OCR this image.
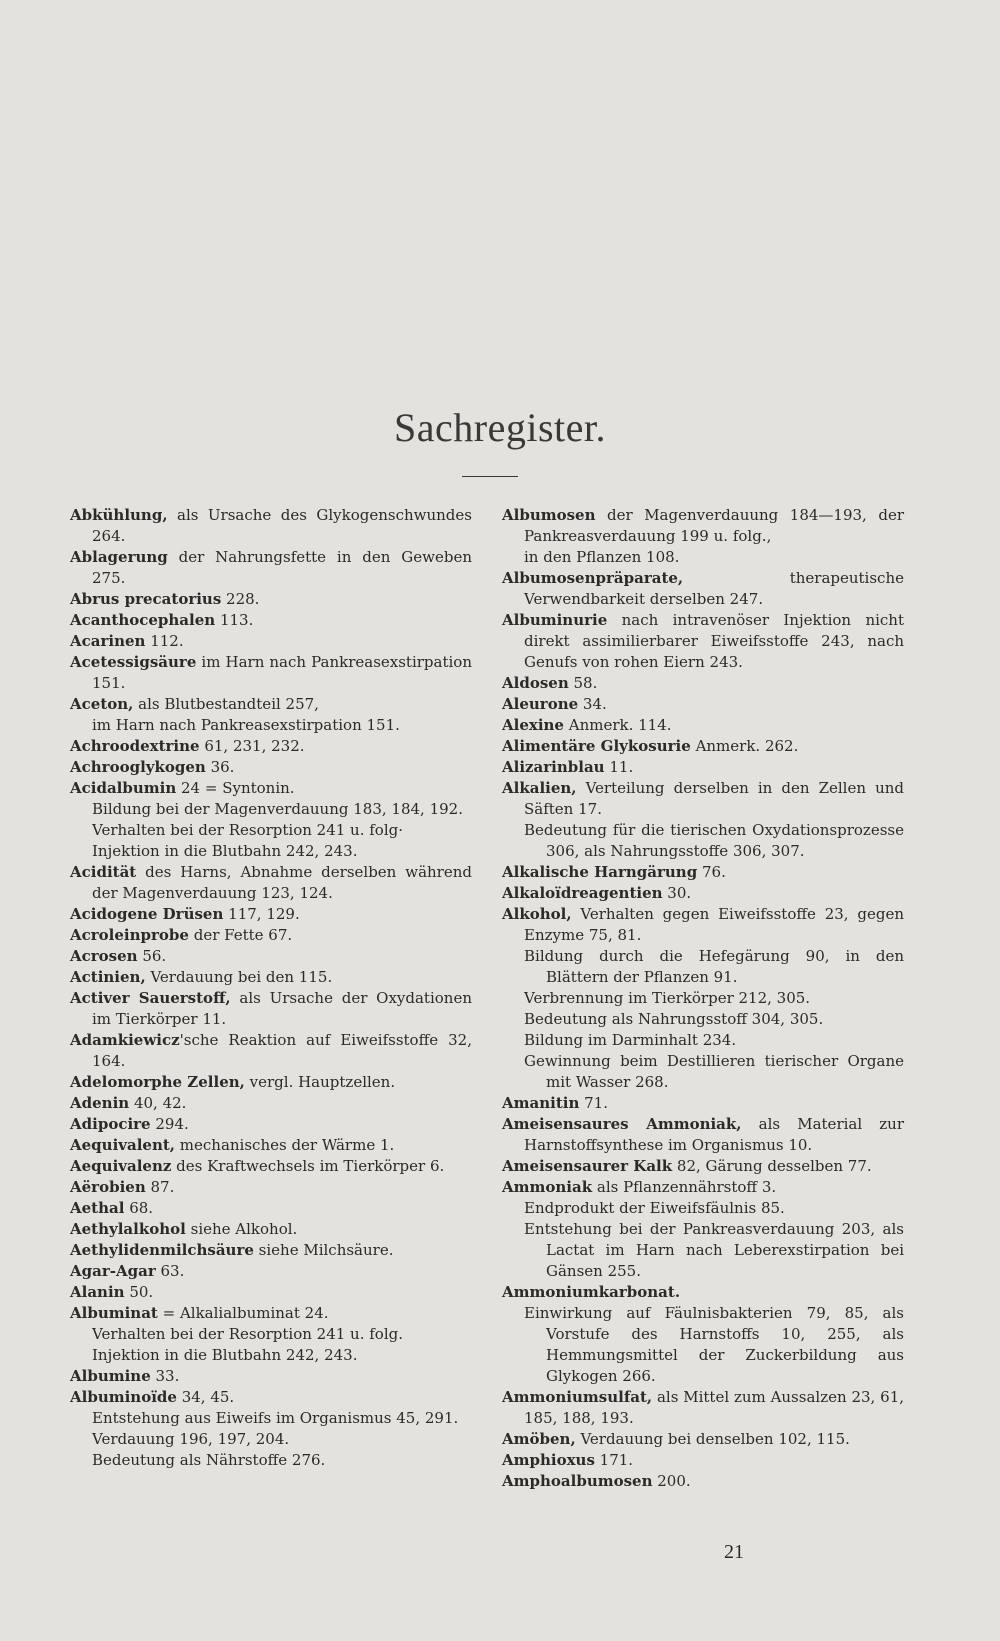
Sachregister.

Abkühlung, als Ursache des Glykogenschwundes 264.

Ablagerung der Nahrungsfette in den Geweben 275.

Abrus precatorius 228.

Acanthocephalen 113.

Acarinen 112.

Acetessigsäure im Harn nach Pankreasexstirpation 151.

Aceton, als Blutbestandteil 257,

im Harn nach Pankreasexstirpation 151.

Achroodextrine 61, 231, 232.

Achrooglykogen 36.

Acidalbumin 24 = Syntonin.

Bildung bei der Magenverdauung 183, 184, 192.

Verhalten bei der Resorption 241 u. folg·

Injektion in die Blutbahn 242, 243.

Acidität des Harns, Abnahme derselben während der Magenverdauung 123, 124.

Acidogene Drüsen 117, 129.

Acroleinprobe der Fette 67.

Acrosen 56.

Actinien, Verdauung bei den 115.

Activer Sauerstoff, als Ursache der Oxydationen im Tierkörper 11.

Adamkiewicz'sche Reaktion auf Eiweifsstoffe 32, 164.

Adelomorphe Zellen, vergl. Hauptzellen.

Adenin 40, 42.

Adipocire 294.

Aequivalent, mechanisches der Wärme 1.

Aequivalenz des Kraftwechsels im Tierkörper 6.

Aërobien 87.

Aethal 68.

Aethylalkohol siehe Alkohol.

Aethylidenmilchsäure siehe Milchsäure.

Agar-Agar 63.

Alanin 50.

Albuminat = Alkalialbuminat 24.

Verhalten bei der Resorption 241 u. folg.

Injektion in die Blutbahn 242, 243.

Albumine 33.

Albuminoïde 34, 45.

Entstehung aus Eiweifs im Organismus 45, 291.

Verdauung 196, 197, 204.

Bedeutung als Nährstoffe 276.

Albumosen der Magenverdauung 184—193, der Pankreasverdauung 199 u. folg.,

in den Pflanzen 108.

Albumosenpräparate, therapeutische Verwendbarkeit derselben 247.

Albuminurie nach intravenöser Injektion nicht direkt assimilierbarer Eiweifsstoffe 243, nach Genufs von rohen Eiern 243.

Aldosen 58.

Aleurone 34.

Alexine Anmerk. 114.

Alimentäre Glykosurie Anmerk. 262.

Alizarinblau 11.

Alkalien, Verteilung derselben in den Zellen und Säften 17.

Bedeutung für die tierischen Oxydationsprozesse 306, als Nahrungsstoffe 306, 307.

Alkalische Harngärung 76.

Alkaloïdreagentien 30.

Alkohol, Verhalten gegen Eiweifsstoffe 23, gegen Enzyme 75, 81.

Bildung durch die Hefegärung 90, in den Blättern der Pflanzen 91.

Verbrennung im Tierkörper 212, 305.

Bedeutung als Nahrungsstoff 304, 305.

Bildung im Darminhalt 234.

Gewinnung beim Destillieren tierischer Organe mit Wasser 268.

Amanitin 71.

Ameisensaures Ammoniak, als Material zur Harnstoffsynthese im Organismus 10.

Ameisensaurer Kalk 82, Gärung desselben 77.

Ammoniak als Pflanzennährstoff 3.

Endprodukt der Eiweifsfäulnis 85.

Entstehung bei der Pankreasverdauung 203, als Lactat im Harn nach Leberexstirpation bei Gänsen 255.

Ammoniumkarbonat.

Einwirkung auf Fäulnisbakterien 79, 85, als Vorstufe des Harnstoffs 10, 255, als Hemmungsmittel der Zuckerbildung aus Glykogen 266.

Ammoniumsulfat, als Mittel zum Aussalzen 23, 61, 185, 188, 193.

Amöben, Verdauung bei denselben 102, 115.

Amphioxus 171.

Amphoalbumosen 200.

21
